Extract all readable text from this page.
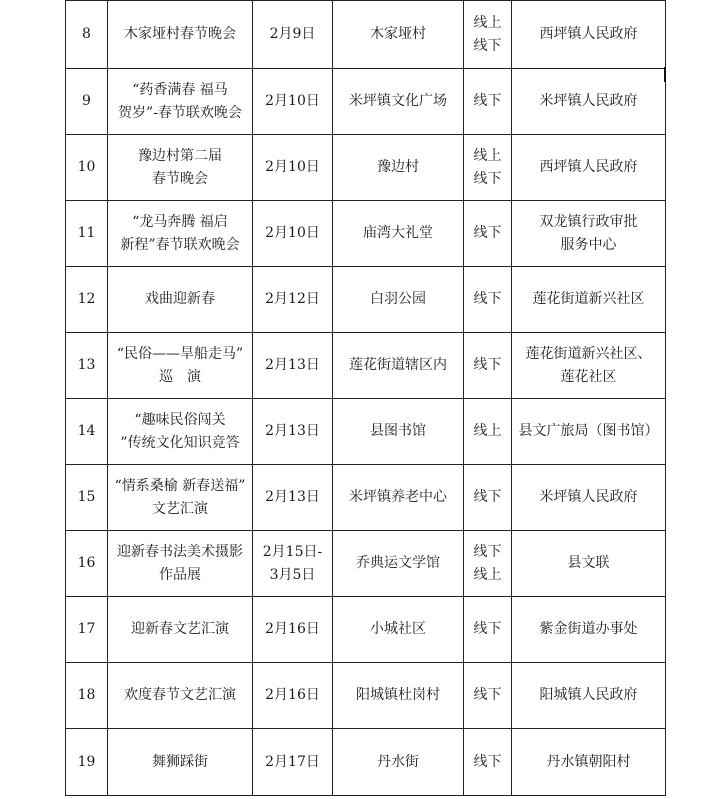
8	木家垭村春节晚会	2月9日	木家垭村	线上
线下	西坪镇人民政府

9	“药香满春 福马
贺岁”-春节联欢晚会	2月10日	米坪镇文化广场	线下	米坪镇人民政府

10	豫边村第二届
春节晚会	2月10日	豫边村	线上
线下	西坪镇人民政府

11	“龙马奔腾 福启
新程”春节联欢晚会	2月10日	庙湾大礼堂	线下	双龙镇行政审批
服务中心

12	戏曲迎新春	2月12日	白羽公园	线下	莲花街道新兴社区

13	“民俗——旱船走马”
巡　演	2月13日	莲花街道辖区内	线下	莲花街道新兴社区、
莲花社区

14	“趣味民俗闯关
”传统文化知识竞答	2月13日	县图书馆	线上	县文广旅局（图书馆）

15	“情系桑榆 新春送福”
文艺汇演	2月13日	米坪镇养老中心	线下	米坪镇人民政府

16	迎新春书法美术摄影
作品展	2月15日-
3月5日	乔典运文学馆	线下
线上	县文联

17	迎新春文艺汇演	2月16日	小城社区	线下	紫金街道办事处

18	欢度春节文艺汇演	2月16日	阳城镇杜岗村	线下	阳城镇人民政府

19	舞狮踩街	2月17日	丹水街	线下	丹水镇朝阳村
